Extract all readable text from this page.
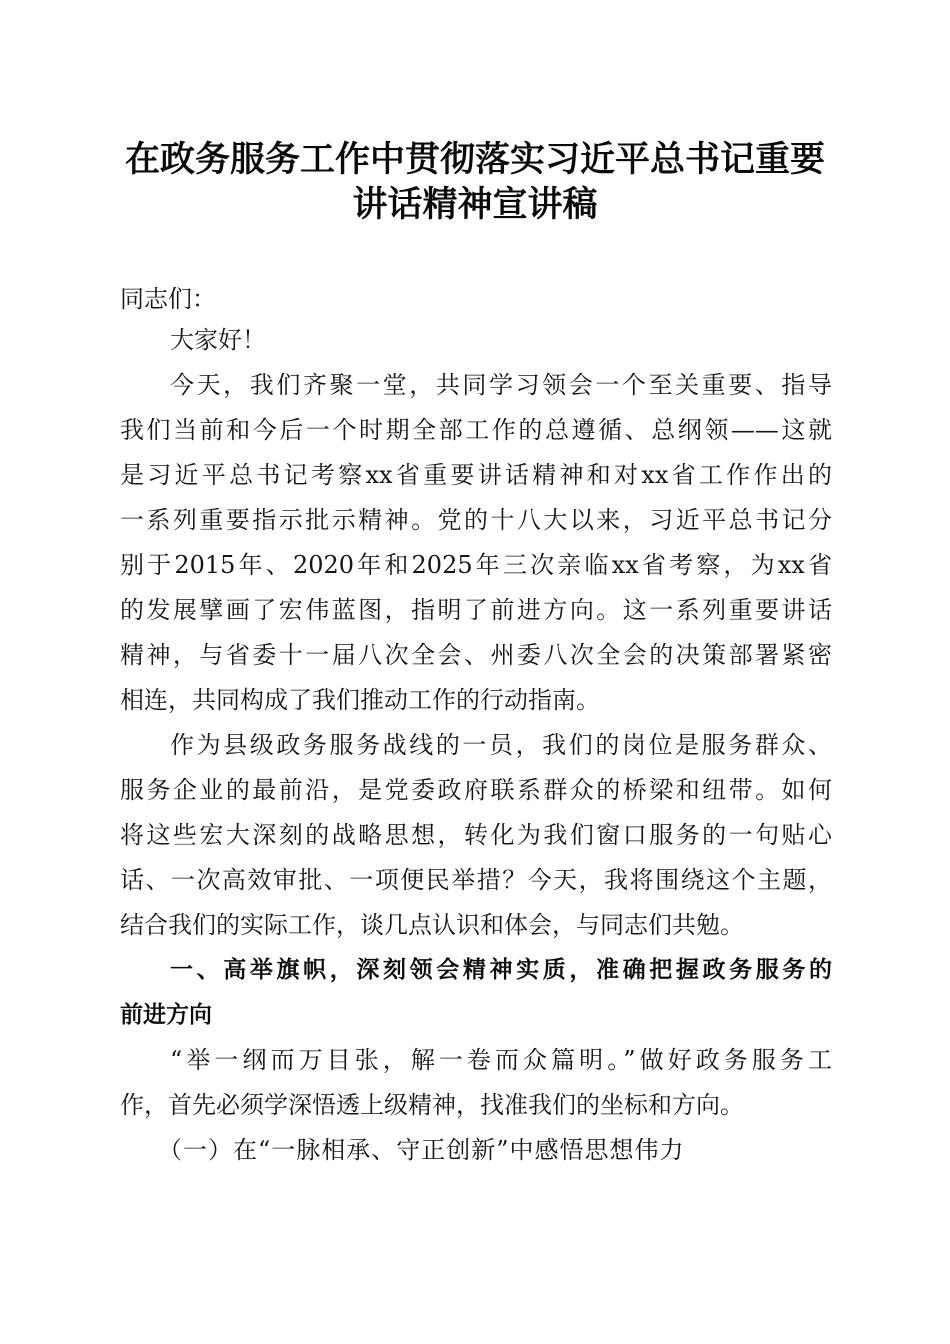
在政务服务工作中贯彻落实习近平总书记重要
讲话精神宣讲稿
同志们：
大家好！
今天，我们齐聚一堂，共同学习领会一个至关重要、指导
我们当前和今后一个时期全部工作的总遵循、总纲领——这就
是习近平总书记考察xx省重要讲话精神和对xx省工作作出的
一系列重要指示批示精神。党的十八大以来，习近平总书记分
别于2015年、2020年和2025年三次亲临xx省考察，为xx省
的发展擘画了宏伟蓝图，指明了前进方向。这一系列重要讲话
精神，与省委十一届八次全会、州委八次全会的决策部署紧密
相连，共同构成了我们推动工作的行动指南。
作为县级政务服务战线的一员，我们的岗位是服务群众、
服务企业的最前沿，是党委政府联系群众的桥梁和纽带。如何
将这些宏大深刻的战略思想，转化为我们窗口服务的一句贴心
话、一次高效审批、一项便民举措？今天，我将围绕这个主题，
结合我们的实际工作，谈几点认识和体会，与同志们共勉。
一、高举旗帜，深刻领会精神实质，准确把握政务服务的
前进方向
“举一纲而万目张，解一卷而众篇明。”做好政务服务工
作，首先必须学深悟透上级精神，找准我们的坐标和方向。
（一）在“一脉相承、守正创新”中感悟思想伟力
